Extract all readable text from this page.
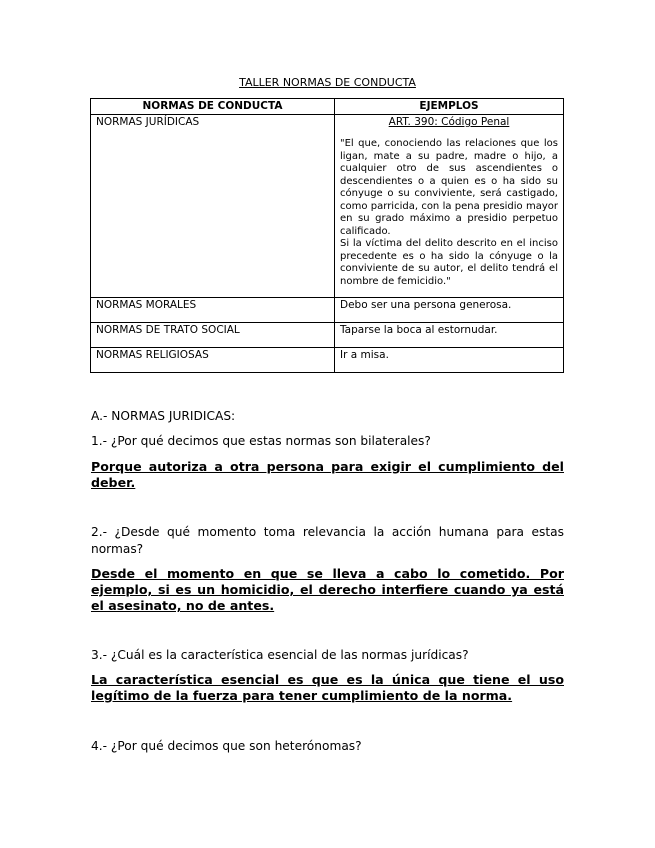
TALLER NORMAS DE CONDUCTA
NORMAS DE CONDUCTA	EJEMPLOS
NORMAS JURÍDICAS	ART. 390: Código Penal

"El que, conociendo las relaciones que los ligan, mate a su padre, madre o hijo, a cualquier otro de sus ascendientes o descendientes o a quien es o ha sido su cónyuge o su conviviente, será castigado, como parricida, con la pena presidio mayor en su grado máximo a presidio perpetuo calificado.

Si la víctima del delito descrito en el inciso precedente es o ha sido la cónyuge o la conviviente de su autor, el delito tendrá el nombre de femicidio."

NORMAS MORALES	Debo ser una persona generosa.
NORMAS DE TRATO SOCIAL	Taparse la boca al estornudar.
NORMAS RELIGIOSAS	Ir a misa.
A.- NORMAS JURIDICAS:
1.- ¿Por qué decimos que estas normas son bilaterales?
Porque autoriza a otra persona para exigir el cumplimiento del deber.
2.- ¿Desde qué momento toma relevancia la acción humana para estas normas?
Desde el momento en que se lleva a cabo lo cometido. Por ejemplo, si es un homicidio, el derecho interfiere cuando ya está el asesinato, no de antes.
3.- ¿Cuál es la característica esencial de las normas jurídicas?
La característica esencial es que es la única que tiene el uso legítimo de la fuerza para tener cumplimiento de la norma.
4.- ¿Por qué decimos que son heterónomas?
